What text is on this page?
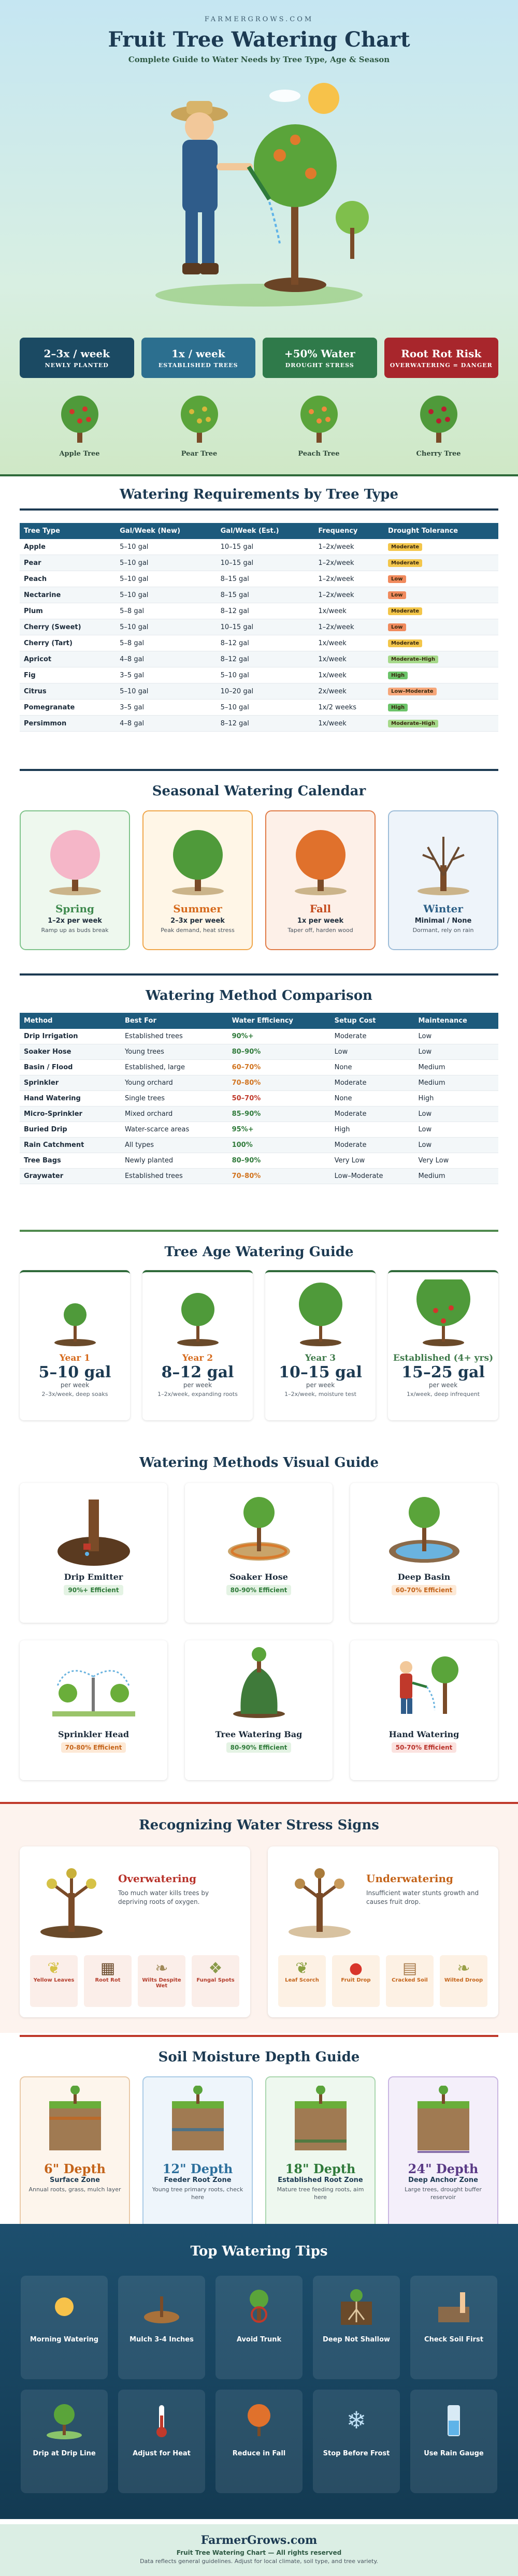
FARMERGROWS.COM
Fruit Tree Watering Chart
Complete Guide to Water Needs by Tree Type, Age & Season
2–3x / week
NEWLY PLANTED
1x / week
ESTABLISHED TREES
+50% Water
DROUGHT STRESS
Root Rot Risk
OVERWATERING = DANGER
Apple Tree	Pear Tree	Peach Tree	Cherry Tree
Watering Requirements by Tree Type
Tree Type	Gal/Week (New)	Gal/Week (Est.)	Frequency	Drought Tolerance
Apple	5–10 gal	10–15 gal	1–2x/week	Moderate
Pear	5–10 gal	10–15 gal	1–2x/week	Moderate
Peach	5–10 gal	8–15 gal	1–2x/week	Low
Nectarine	5–10 gal	8–15 gal	1–2x/week	Low
Plum	5–8 gal	8–12 gal	1x/week	Moderate
Cherry (Sweet)	5–10 gal	10–15 gal	1–2x/week	Low
Cherry (Tart)	5–8 gal	8–12 gal	1x/week	Moderate
Apricot	4–8 gal	8–12 gal	1x/week	Moderate–High
Fig	3–5 gal	5–10 gal	1x/week	High
Citrus	5–10 gal	10–20 gal	2x/week	Low–Moderate
Pomegranate	3–5 gal	5–10 gal	1x/2 weeks	High
Persimmon	4–8 gal	8–12 gal	1x/week	Moderate–High
Seasonal Watering Calendar
Spring
1–2x per week
Ramp up as buds break
Summer
2–3x per week
Peak demand, heat stress
Fall
1x per week
Taper off, harden wood
Winter
Minimal / None
Dormant, rely on rain
Watering Method Comparison
Method	Best For	Water Efficiency	Setup Cost	Maintenance
Drip Irrigation	Established trees	90%+	Moderate	Low
Soaker Hose	Young trees	80–90%	Low	Low
Basin / Flood	Established, large	60–70%	None	Medium
Sprinkler	Young orchard	70–80%	Moderate	Medium
Hand Watering	Single trees	50–70%	None	High
Micro-Sprinkler	Mixed orchard	85–90%	Moderate	Low
Buried Drip	Water-scarce areas	95%+	High	Low
Rain Catchment	All types	100%	Moderate	Low
Tree Bags	Newly planted	80–90%	Very Low	Very Low
Graywater	Established trees	70–80%	Low–Moderate	Medium
Tree Age Watering Guide
Year 1
5–10 gal
per week
2–3x/week, deep soaks
Year 2
8–12 gal
per week
1–2x/week, expanding roots
Year 3
10–15 gal
per week
1–2x/week, moisture test
Established (4+ yrs)
15–25 gal
per week
1x/week, deep infrequent
Watering Methods Visual Guide
Drip Emitter
90%+ Efficient
Soaker Hose
80-90% Efficient
Deep Basin
60-70% Efficient
Sprinkler Head
70-80% Efficient
Tree Watering Bag
80-90% Efficient
Hand Watering
50-70% Efficient
Recognizing Water Stress Signs
Overwatering
Too much water kills trees by depriving roots of oxygen.
❦
Yellow Leaves
▦
Root Rot
❧
Wilts Despite Wet
❖
Fungal Spots
Underwatering
Insufficient water stunts growth and causes fruit drop.
❦
Leaf Scorch
●
Fruit Drop
▤
Cracked Soil
❧
Wilted Droop
Soil Moisture Depth Guide
6" Depth
Surface Zone
Annual roots, grass, mulch layer
12" Depth
Feeder Root Zone
Young tree primary roots, check here
18" Depth
Established Root Zone
Mature tree feeding roots, aim here
24" Depth
Deep Anchor Zone
Large trees, drought buffer reservoir
Top Watering Tips
Morning Watering	Mulch 3-4 Inches	Avoid Trunk	Deep Not Shallow	Check Soil First
Drip at Drip Line	Adjust for Heat	Reduce in Fall
❄
Stop Before Frost	Use Rain Gauge
FarmerGrows.com
Fruit Tree Watering Chart — All rights reserved
Data reflects general guidelines. Adjust for local climate, soil type, and tree variety.
